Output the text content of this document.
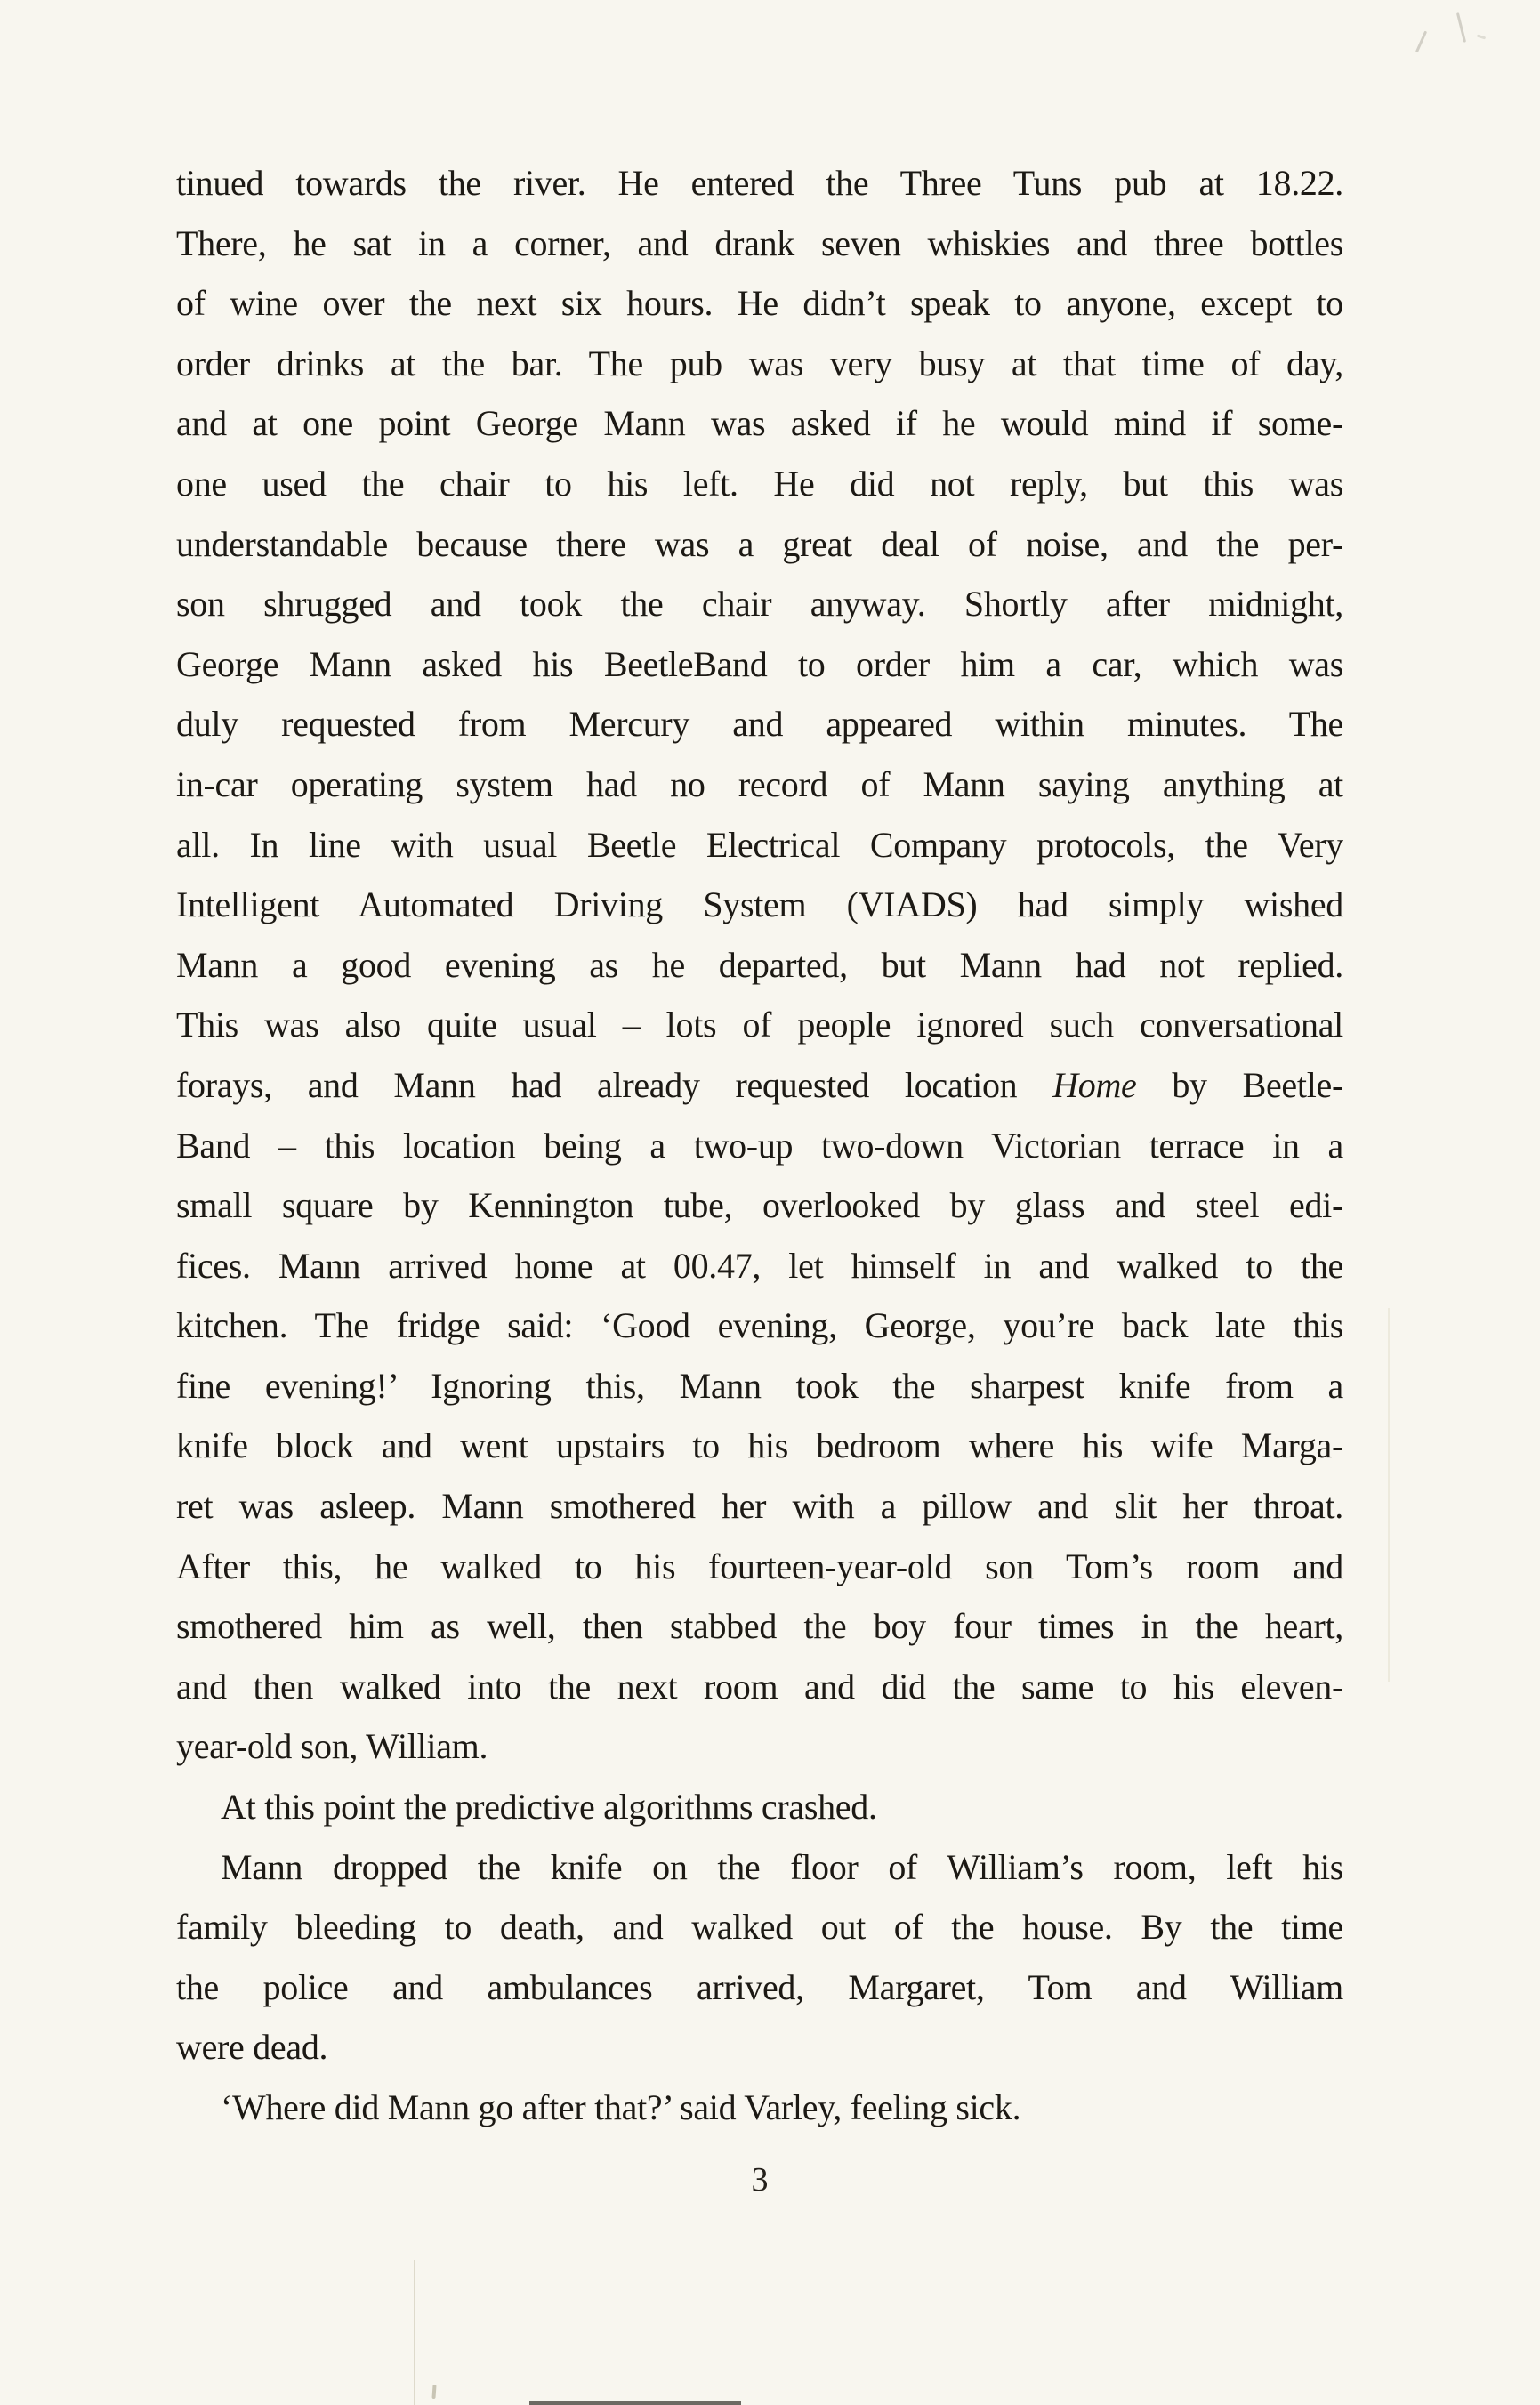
tinued towards the river. He entered the Three Tuns pub at 18.22.
There, he sat in a corner, and drank seven whiskies and three bottles
of wine over the next six hours. He didn’t speak to anyone, except to
order drinks at the bar. The pub was very busy at that time of day,
and at one point George Mann was asked if he would mind if some-
one used the chair to his left. He did not reply, but this was
understandable because there was a great deal of noise, and the per-
son shrugged and took the chair anyway. Shortly after midnight,
George Mann asked his BeetleBand to order him a car, which was
duly requested from Mercury and appeared within minutes. The
in-car operating system had no record of Mann saying anything at
all. In line with usual Beetle Electrical Company protocols, the Very
Intelligent Automated Driving System (VIADS) had simply wished
Mann a good evening as he departed, but Mann had not replied.
This was also quite usual – lots of people ignored such conversational
forays, and Mann had already requested location Home by Beetle-
Band – this location being a two-up two-down Victorian terrace in a
small square by Kennington tube, overlooked by glass and steel edi-
fices. Mann arrived home at 00.47, let himself in and walked to the
kitchen. The fridge said: ‘Good evening, George, you’re back late this
fine evening!’ Ignoring this, Mann took the sharpest knife from a
knife block and went upstairs to his bedroom where his wife Marga-
ret was asleep. Mann smothered her with a pillow and slit her throat.
After this, he walked to his fourteen-year-old son Tom’s room and
smothered him as well, then stabbed the boy four times in the heart,
and then walked into the next room and did the same to his eleven-
year-old son, William.
At this point the predictive algorithms crashed.
Mann dropped the knife on the floor of William’s room, left his
family bleeding to death, and walked out of the house. By the time
the police and ambulances arrived, Margaret, Tom and William
were dead.
‘Where did Mann go after that?’ said Varley, feeling sick.
3
